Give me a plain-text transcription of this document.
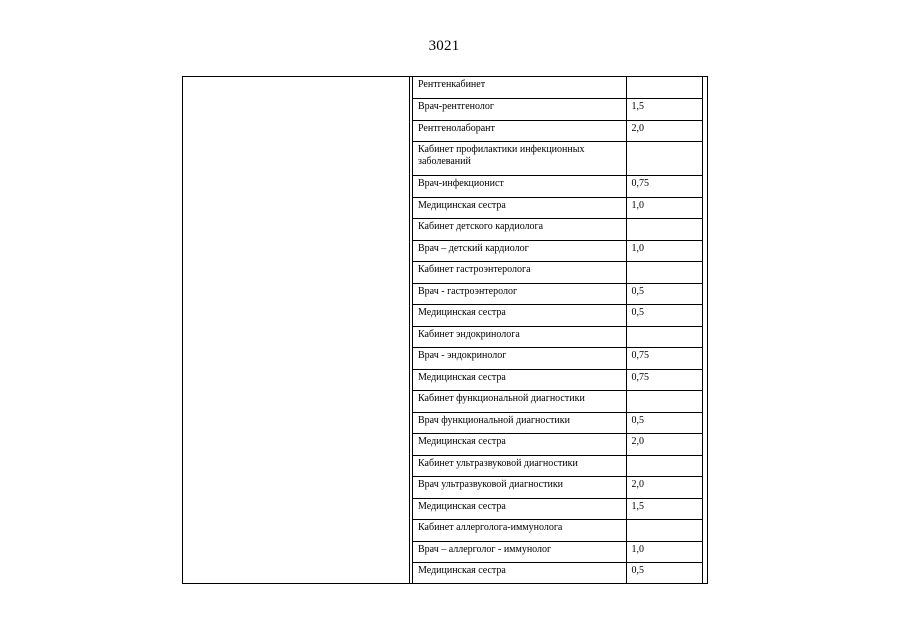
3021
Рентгенкабинет	
Врач-рентгенолог	1,5
Рентгенолаборант	2,0
Кабинет профилактики инфекционных заболеваний	
Врач-инфекционист	0,75
Медицинская сестра	1,0
Кабинет детского кардиолога	
Врач – детский кардиолог	1,0
Кабинет гастроэнтеролога	
Врач - гастроэнтеролог	0,5
Медицинская сестра	0,5
Кабинет эндокринолога	
Врач - эндокринолог	0,75
Медицинская сестра	0,75
Кабинет функциональной диагностики	
Врач функциональной диагностики	0,5
Медицинская сестра	2,0
Кабинет ультразвуковой диагностики	
Врач ультразвуковой диагностики	2,0
Медицинская сестра	1,5
Кабинет аллерголога-иммунолога	
Врач – аллерголог - иммунолог	1,0
Медицинская сестра	0,5
